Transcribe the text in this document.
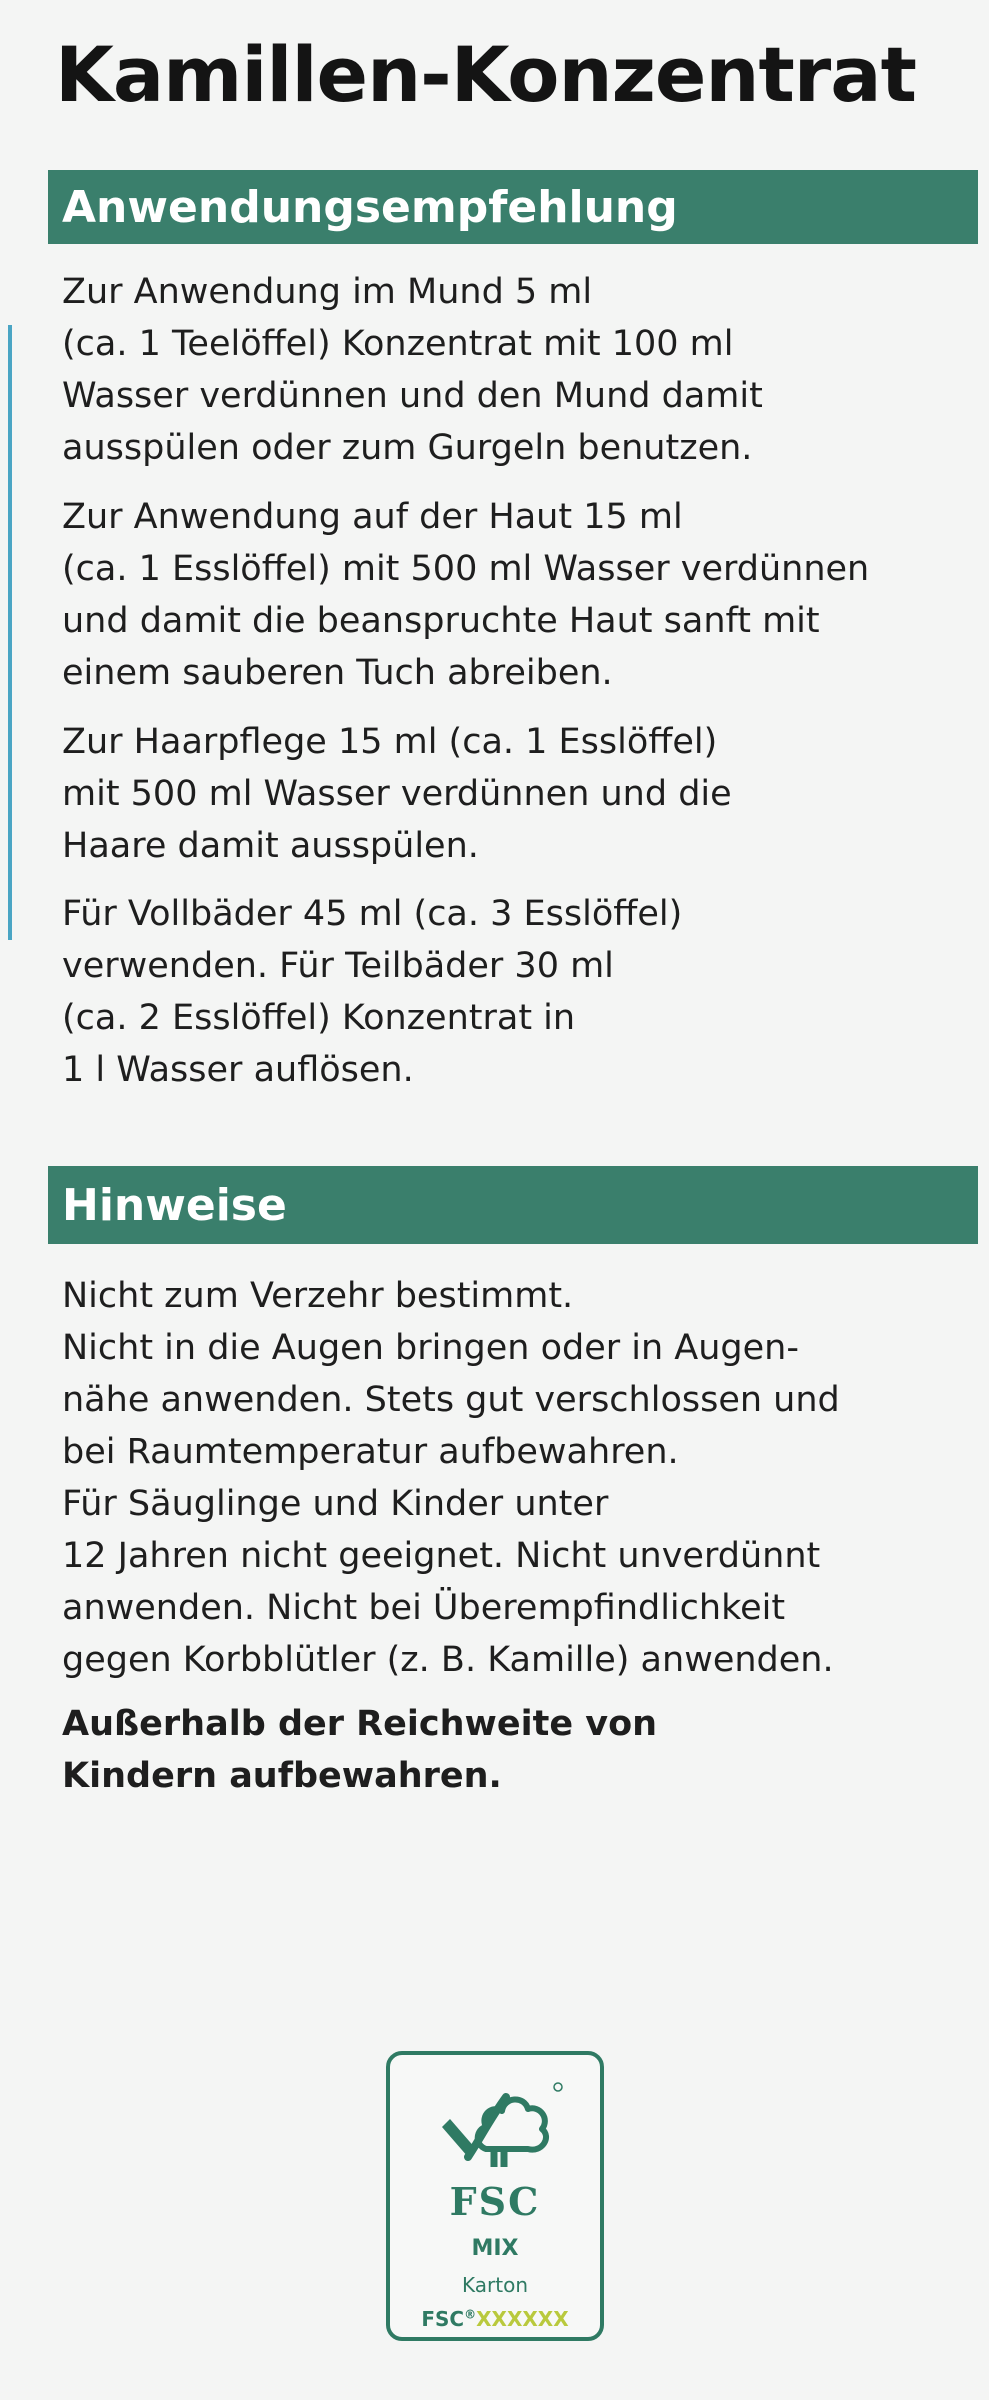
Kamillen-Konzentrat
Anwendungsempfehlung

Zur Anwendung im Mund 5 ml
(ca. 1 Teelöffel) Konzentrat mit 100 ml
Wasser verdünnen und den Mund damit
ausspülen oder zum Gurgeln benutzen.

Zur Anwendung auf der Haut 15 ml
(ca. 1 Esslöffel) mit 500 ml Wasser verdünnen
und damit die beanspruchte Haut sanft mit
einem sauberen Tuch abreiben.

Zur Haarpflege 15 ml (ca. 1 Esslöffel)
mit 500 ml Wasser verdünnen und die
Haare damit ausspülen.

Für Vollbäder 45 ml (ca. 3 Esslöffel)
verwenden. Für Teilbäder 30 ml
(ca. 2 Esslöffel) Konzentrat in
1 l Wasser auflösen.

Hinweise

Nicht zum Verzehr bestimmt.
Nicht in die Augen bringen oder in Augen-
nähe anwenden. Stets gut verschlossen und
bei Raumtemperatur aufbewahren.
Für Säuglinge und Kinder unter
12 Jahren nicht geeignet. Nicht unverdünnt
anwenden. Nicht bei Überempfindlichkeit
gegen Korbblütler (z. B. Kamille) anwenden.

Außerhalb der Reichweite von
Kindern aufbewahren.

FSC
MIX
Karton
FSC®XXXXXX
